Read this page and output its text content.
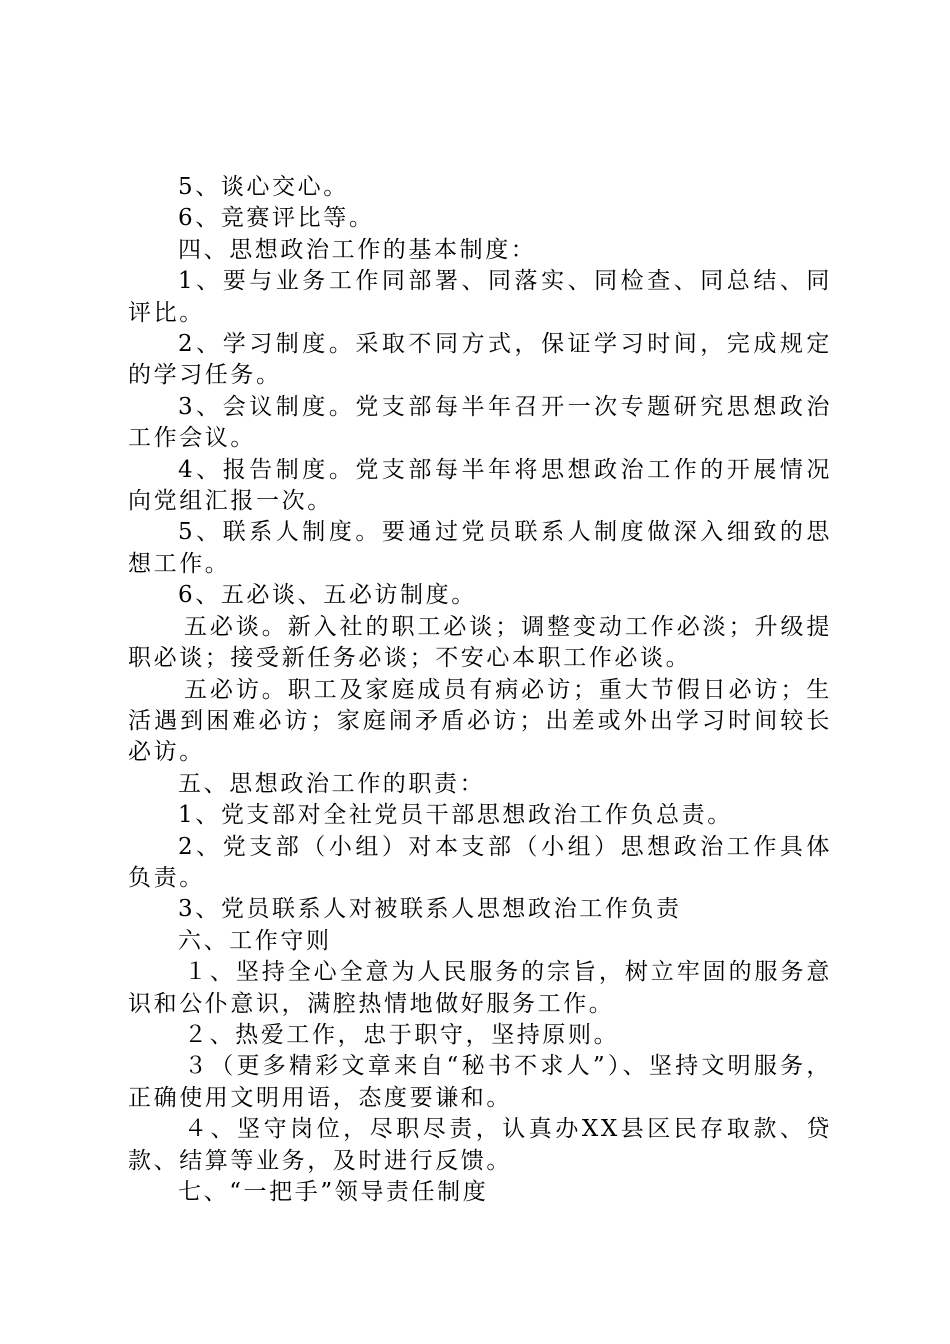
5、谈心交心。

6、竞赛评比等。

四、思想政治工作的基本制度：

1、要与业务工作同部署、同落实、同检查、同总结、同评比。

2、学习制度。采取不同方式，保证学习时间，完成规定的学习任务。

3、会议制度。党支部每半年召开一次专题研究思想政治工作会议。

4、报告制度。党支部每半年将思想政治工作的开展情况向党组汇报一次。

5、联系人制度。要通过党员联系人制度做深入细致的思想工作。

6、五必谈、五必访制度。

五必谈。新入社的职工必谈；调整变动工作必淡；升级提职必谈；接受新任务必谈；不安心本职工作必谈。

五必访。职工及家庭成员有病必访；重大节假日必访；生活遇到困难必访；家庭闹矛盾必访；出差或外出学习时间较长必访。

五、思想政治工作的职责：

1、党支部对全社党员干部思想政治工作负总责。

2、党支部（小组）对本支部（小组）思想政治工作具体负责。

3、党员联系人对被联系人思想政治工作负责

六、工作守则

１、坚持全心全意为人民服务的宗旨，树立牢固的服务意识和公仆意识，满腔热情地做好服务工作。

２、热爱工作，忠于职守，坚持原则。

３（更多精彩文章来自“秘书不求人”）、坚持文明服务，正确使用文明用语，态度要谦和。

４、坚守岗位，尽职尽责，认真办XX县区民存取款、贷款、结算等业务，及时进行反馈。

七、“一把手”领导责任制度
